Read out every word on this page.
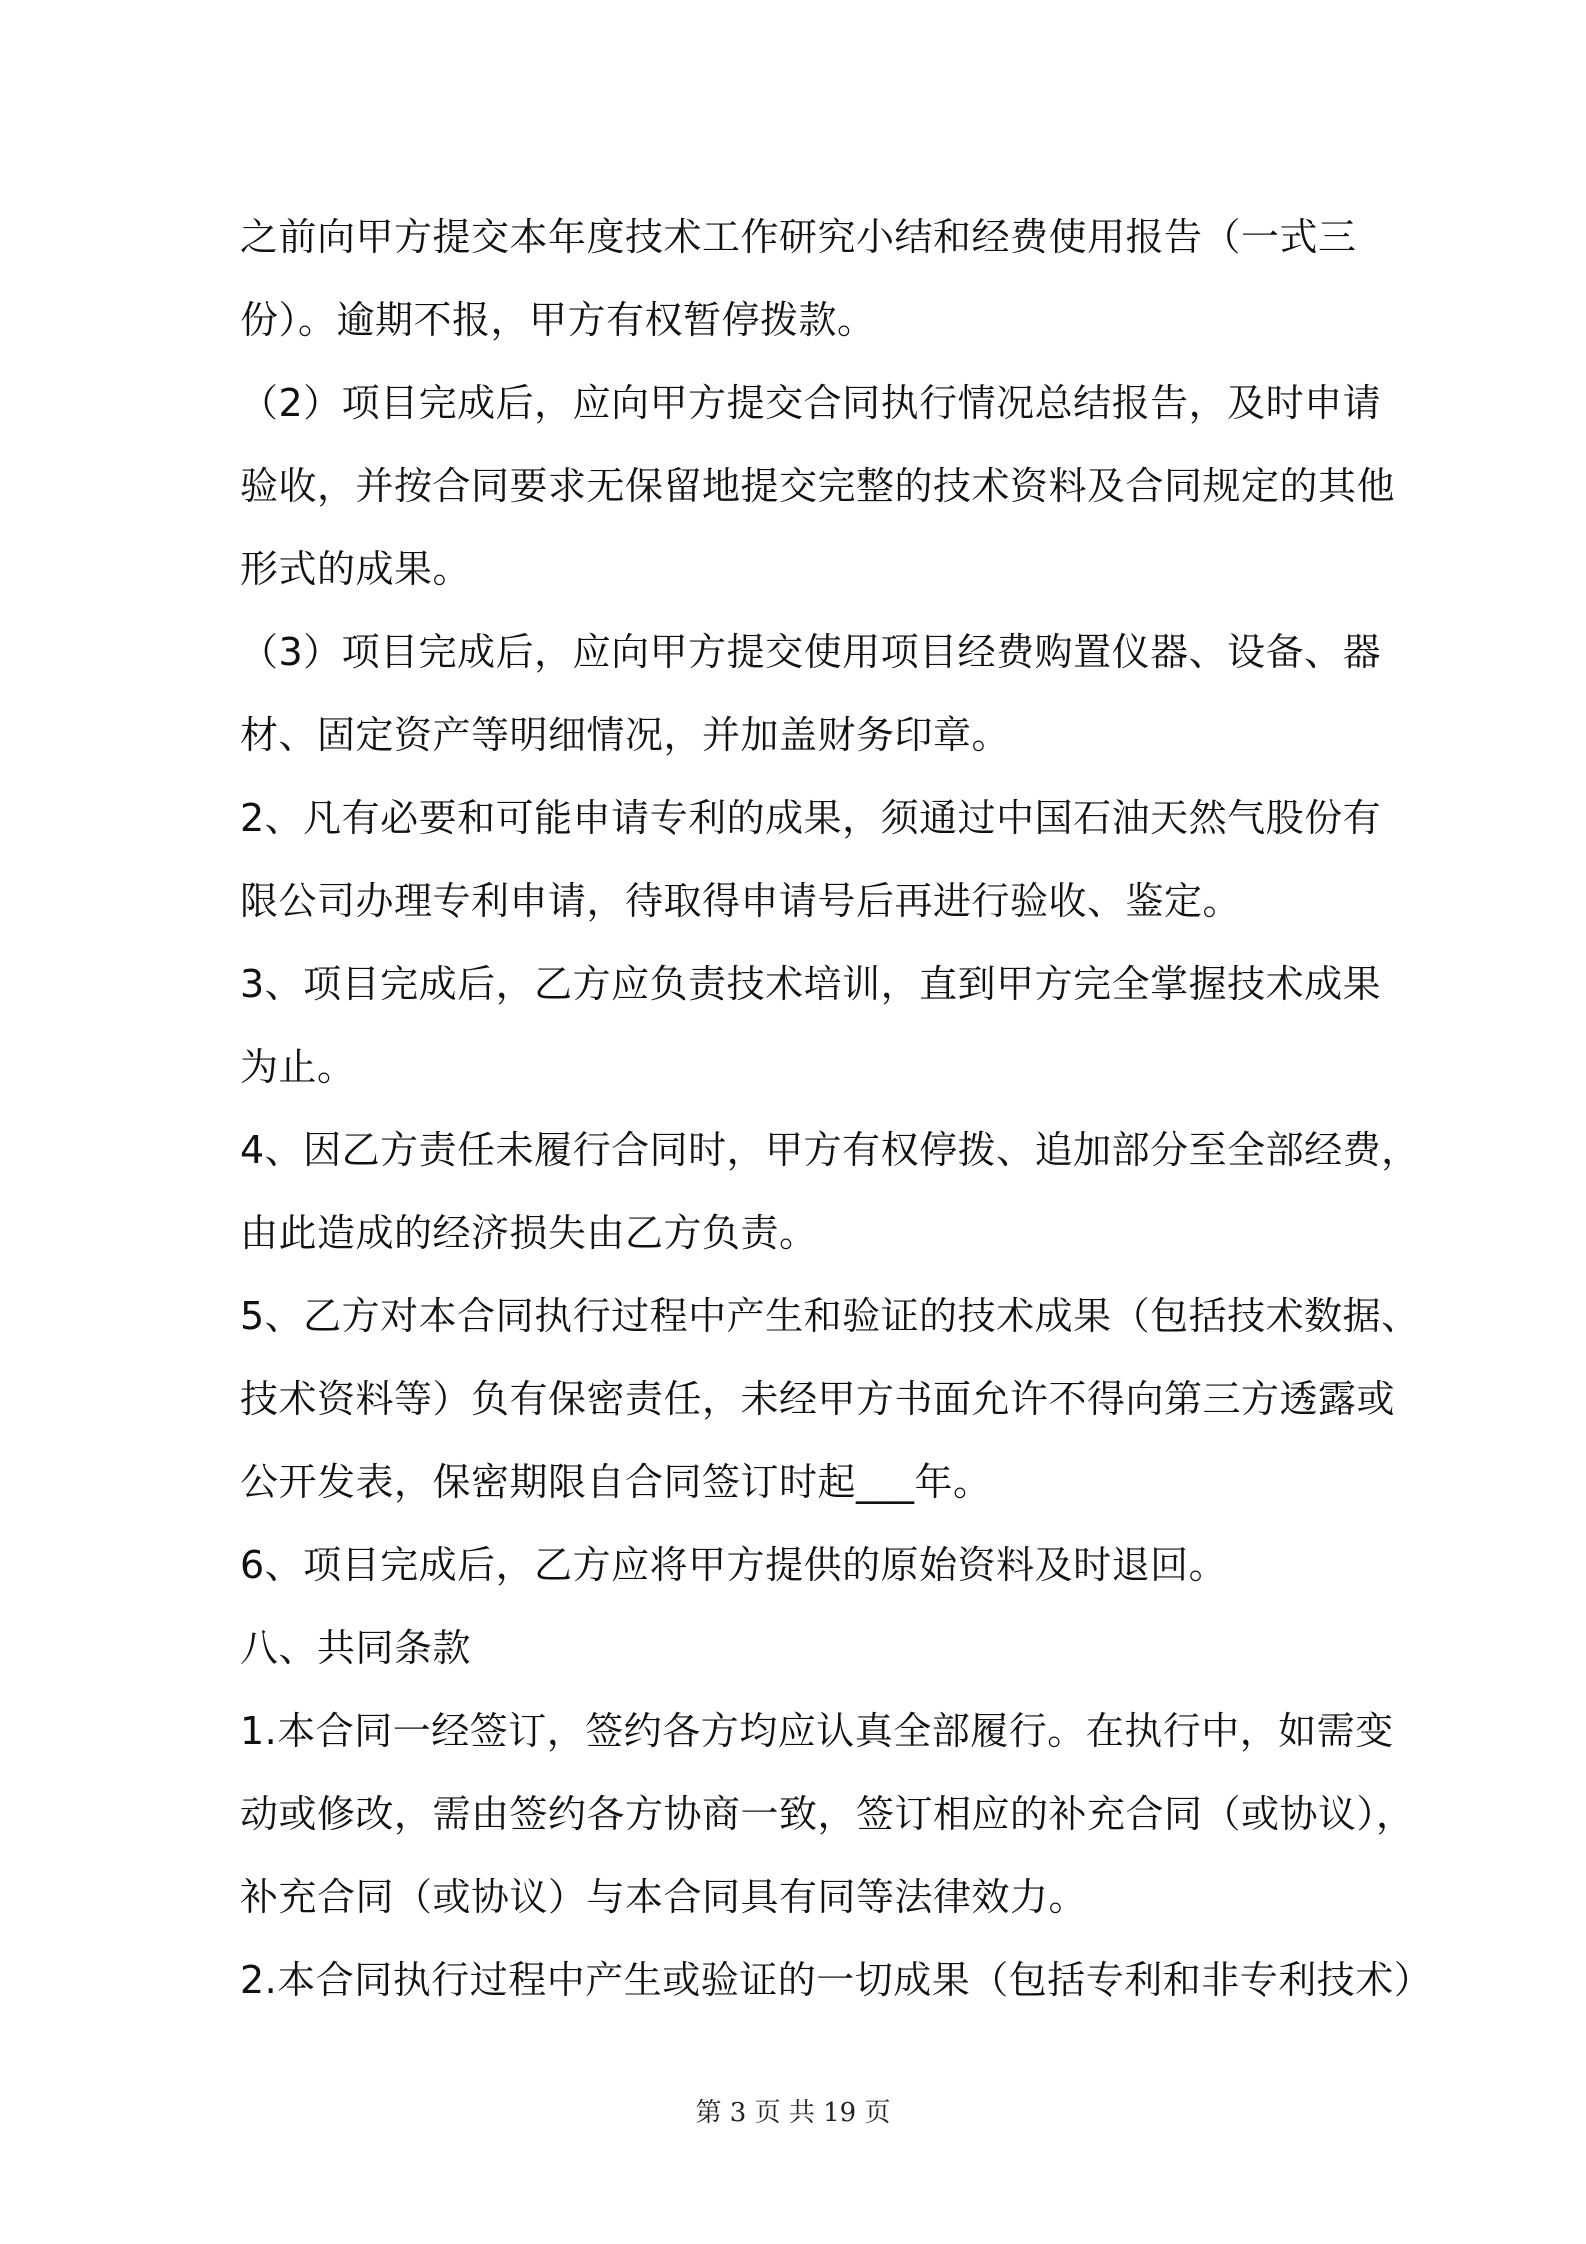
之前向甲方提交本年度技术工作研究小结和经费使用报告（一式三
份）。逾期不报，甲方有权暂停拨款。
（2）项目完成后，应向甲方提交合同执行情况总结报告，及时申请
验收，并按合同要求无保留地提交完整的技术资料及合同规定的其他
形式的成果。
（3）项目完成后，应向甲方提交使用项目经费购置仪器、设备、器
材、固定资产等明细情况，并加盖财务印章。
2、凡有必要和可能申请专利的成果，须通过中国石油天然气股份有
限公司办理专利申请，待取得申请号后再进行验收、鉴定。
3、项目完成后，乙方应负责技术培训，直到甲方完全掌握技术成果
为止。
4、因乙方责任未履行合同时，甲方有权停拨、追加部分至全部经费，
由此造成的经济损失由乙方负责。
5、乙方对本合同执行过程中产生和验证的技术成果（包括技术数据、
技术资料等）负有保密责任，未经甲方书面允许不得向第三方透露或
公开发表，保密期限自合同签订时起___年。
6、项目完成后，乙方应将甲方提供的原始资料及时退回。
八、共同条款
1.本合同一经签订，签约各方均应认真全部履行。在执行中，如需变
动或修改，需由签约各方协商一致，签订相应的补充合同（或协议），
补充合同（或协议）与本合同具有同等法律效力。
2.本合同执行过程中产生或验证的一切成果（包括专利和非专利技术）
第 3 页 共 19 页
